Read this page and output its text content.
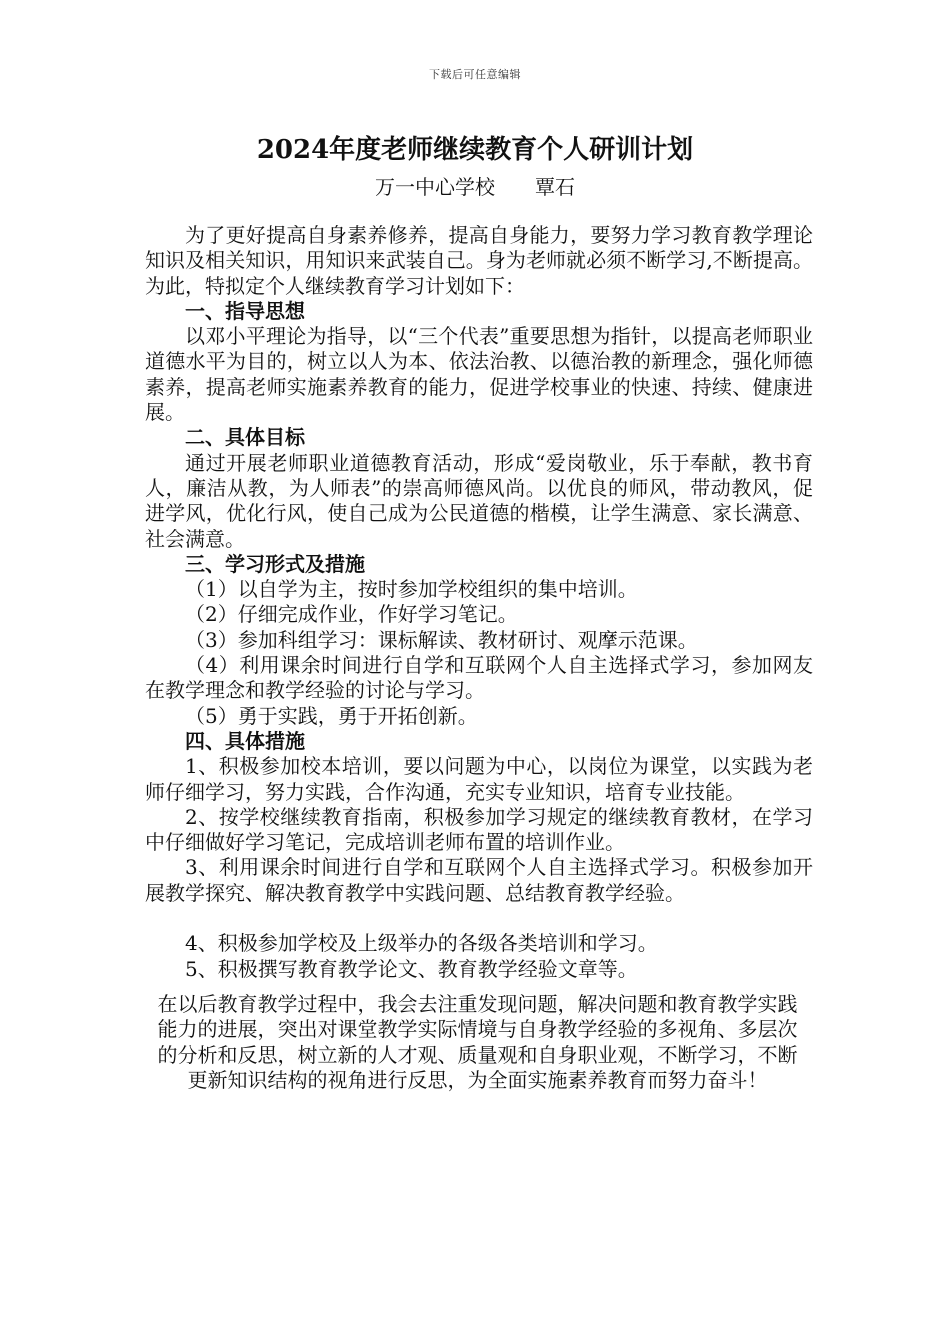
下载后可任意编辑
2024年度老师继续教育个人研训计划
万一中心学校 覃石

为了更好提高自身素养修养，提高自身能力，要努力学习教育教学理论知识及相关知识，用知识来武装自己。身为老师就必须不断学习,不断提高。为此，特拟定个人继续教育学习计划如下：

一、指导思想

以邓小平理论为指导，以“三个代表”重要思想为指针，以提高老师职业道德水平为目的，树立以人为本、依法治教、以德治教的新理念，强化师德素养，提高老师实施素养教育的能力，促进学校事业的快速、持续、健康进展。

二、具体目标

通过开展老师职业道德教育活动，形成“爱岗敬业，乐于奉献，教书育人，廉洁从教，为人师表”的崇高师德风尚。以优良的师风，带动教风，促进学风，优化行风，使自己成为公民道德的楷模，让学生满意、家长满意、社会满意。

三、学习形式及措施

（1）以自学为主，按时参加学校组织的集中培训。

（2）仔细完成作业，作好学习笔记。

（3）参加科组学习：课标解读、教材研讨、观摩示范课。

（4）利用课余时间进行自学和互联网个人自主选择式学习，参加网友在教学理念和教学经验的讨论与学习。

（5）勇于实践，勇于开拓创新。

四、具体措施

1、积极参加校本培训，要以问题为中心，以岗位为课堂，以实践为老师仔细学习，努力实践，合作沟通，充实专业知识，培育专业技能。

2、按学校继续教育指南，积极参加学习规定的继续教育教材，在学习中仔细做好学习笔记，完成培训老师布置的培训作业。

3、利用课余时间进行自学和互联网个人自主选择式学习。积极参加开展教学探究、解决教育教学中实践问题、总结教育教学经验。

4、积极参加学校及上级举办的各级各类培训和学习。

5、积极撰写教育教学论文、教育教学经验文章等。

在以后教育教学过程中，我会去注重发现问题，解决问题和教育教学实践能力的进展，突出对课堂教学实际情境与自身教学经验的多视角、多层次的分析和反思，树立新的人才观、质量观和自身职业观，不断学习，不断更新知识结构的视角进行反思，为全面实施素养教育而努力奋斗！
